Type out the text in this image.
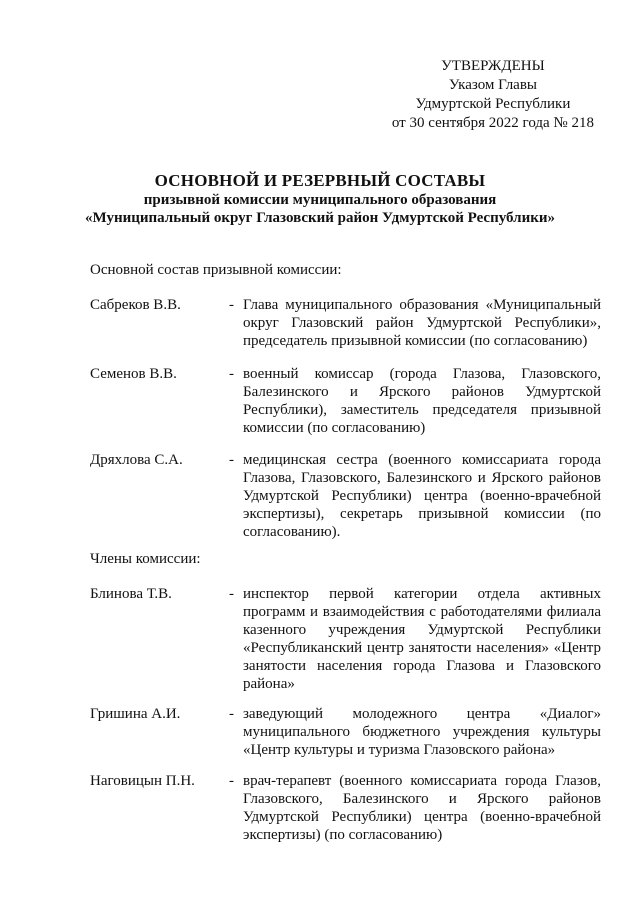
УТВЕРЖДЕНЫ
Указом Главы
Удмуртской Республики
от 30 сентября 2022 года № 218
ОСНОВНОЙ И РЕЗЕРВНЫЙ СОСТАВЫ
призывной комиссии муниципального образования
«Муниципальный округ Глазовский район Удмуртской Республики»
Основной состав призывной комиссии:
Сабреков В.В.	- Глава муниципального образования «Муниципальный округ Глазовский район Удмуртской Республики», председатель призывной комиссии (по согласованию)
Семенов В.В.	- военный комиссар (города Глазова, Глазовского, Балезинского и Ярского районов Удмуртской Республики), заместитель председателя призывной комиссии (по согласованию)
Дряхлова С.А.	- медицинская сестра (военного комиссариата города Глазова, Глазовского, Балезинского и Ярского районов Удмуртской Республики) центра (военно-врачебной экспертизы), секретарь призывной комиссии (по согласованию).
Члены комиссии:
Блинова Т.В.	- инспектор первой категории отдела активных программ и взаимодействия с работодателями филиала казенного учреждения Удмуртской Республики «Республиканский центр занятости населения» «Центр занятости населения города Глазова и Глазовского района»
Гришина А.И.	- заведующий молодежного центра «Диалог» муниципального бюджетного учреждения культуры «Центр культуры и туризма Глазовского района»
Наговицын П.Н. - врач-терапевт (военного комиссариата города Глазов, Глазовского, Балезинского и Ярского районов Удмуртской Республики) центра (военно-врачебной экспертизы) (по согласованию)
